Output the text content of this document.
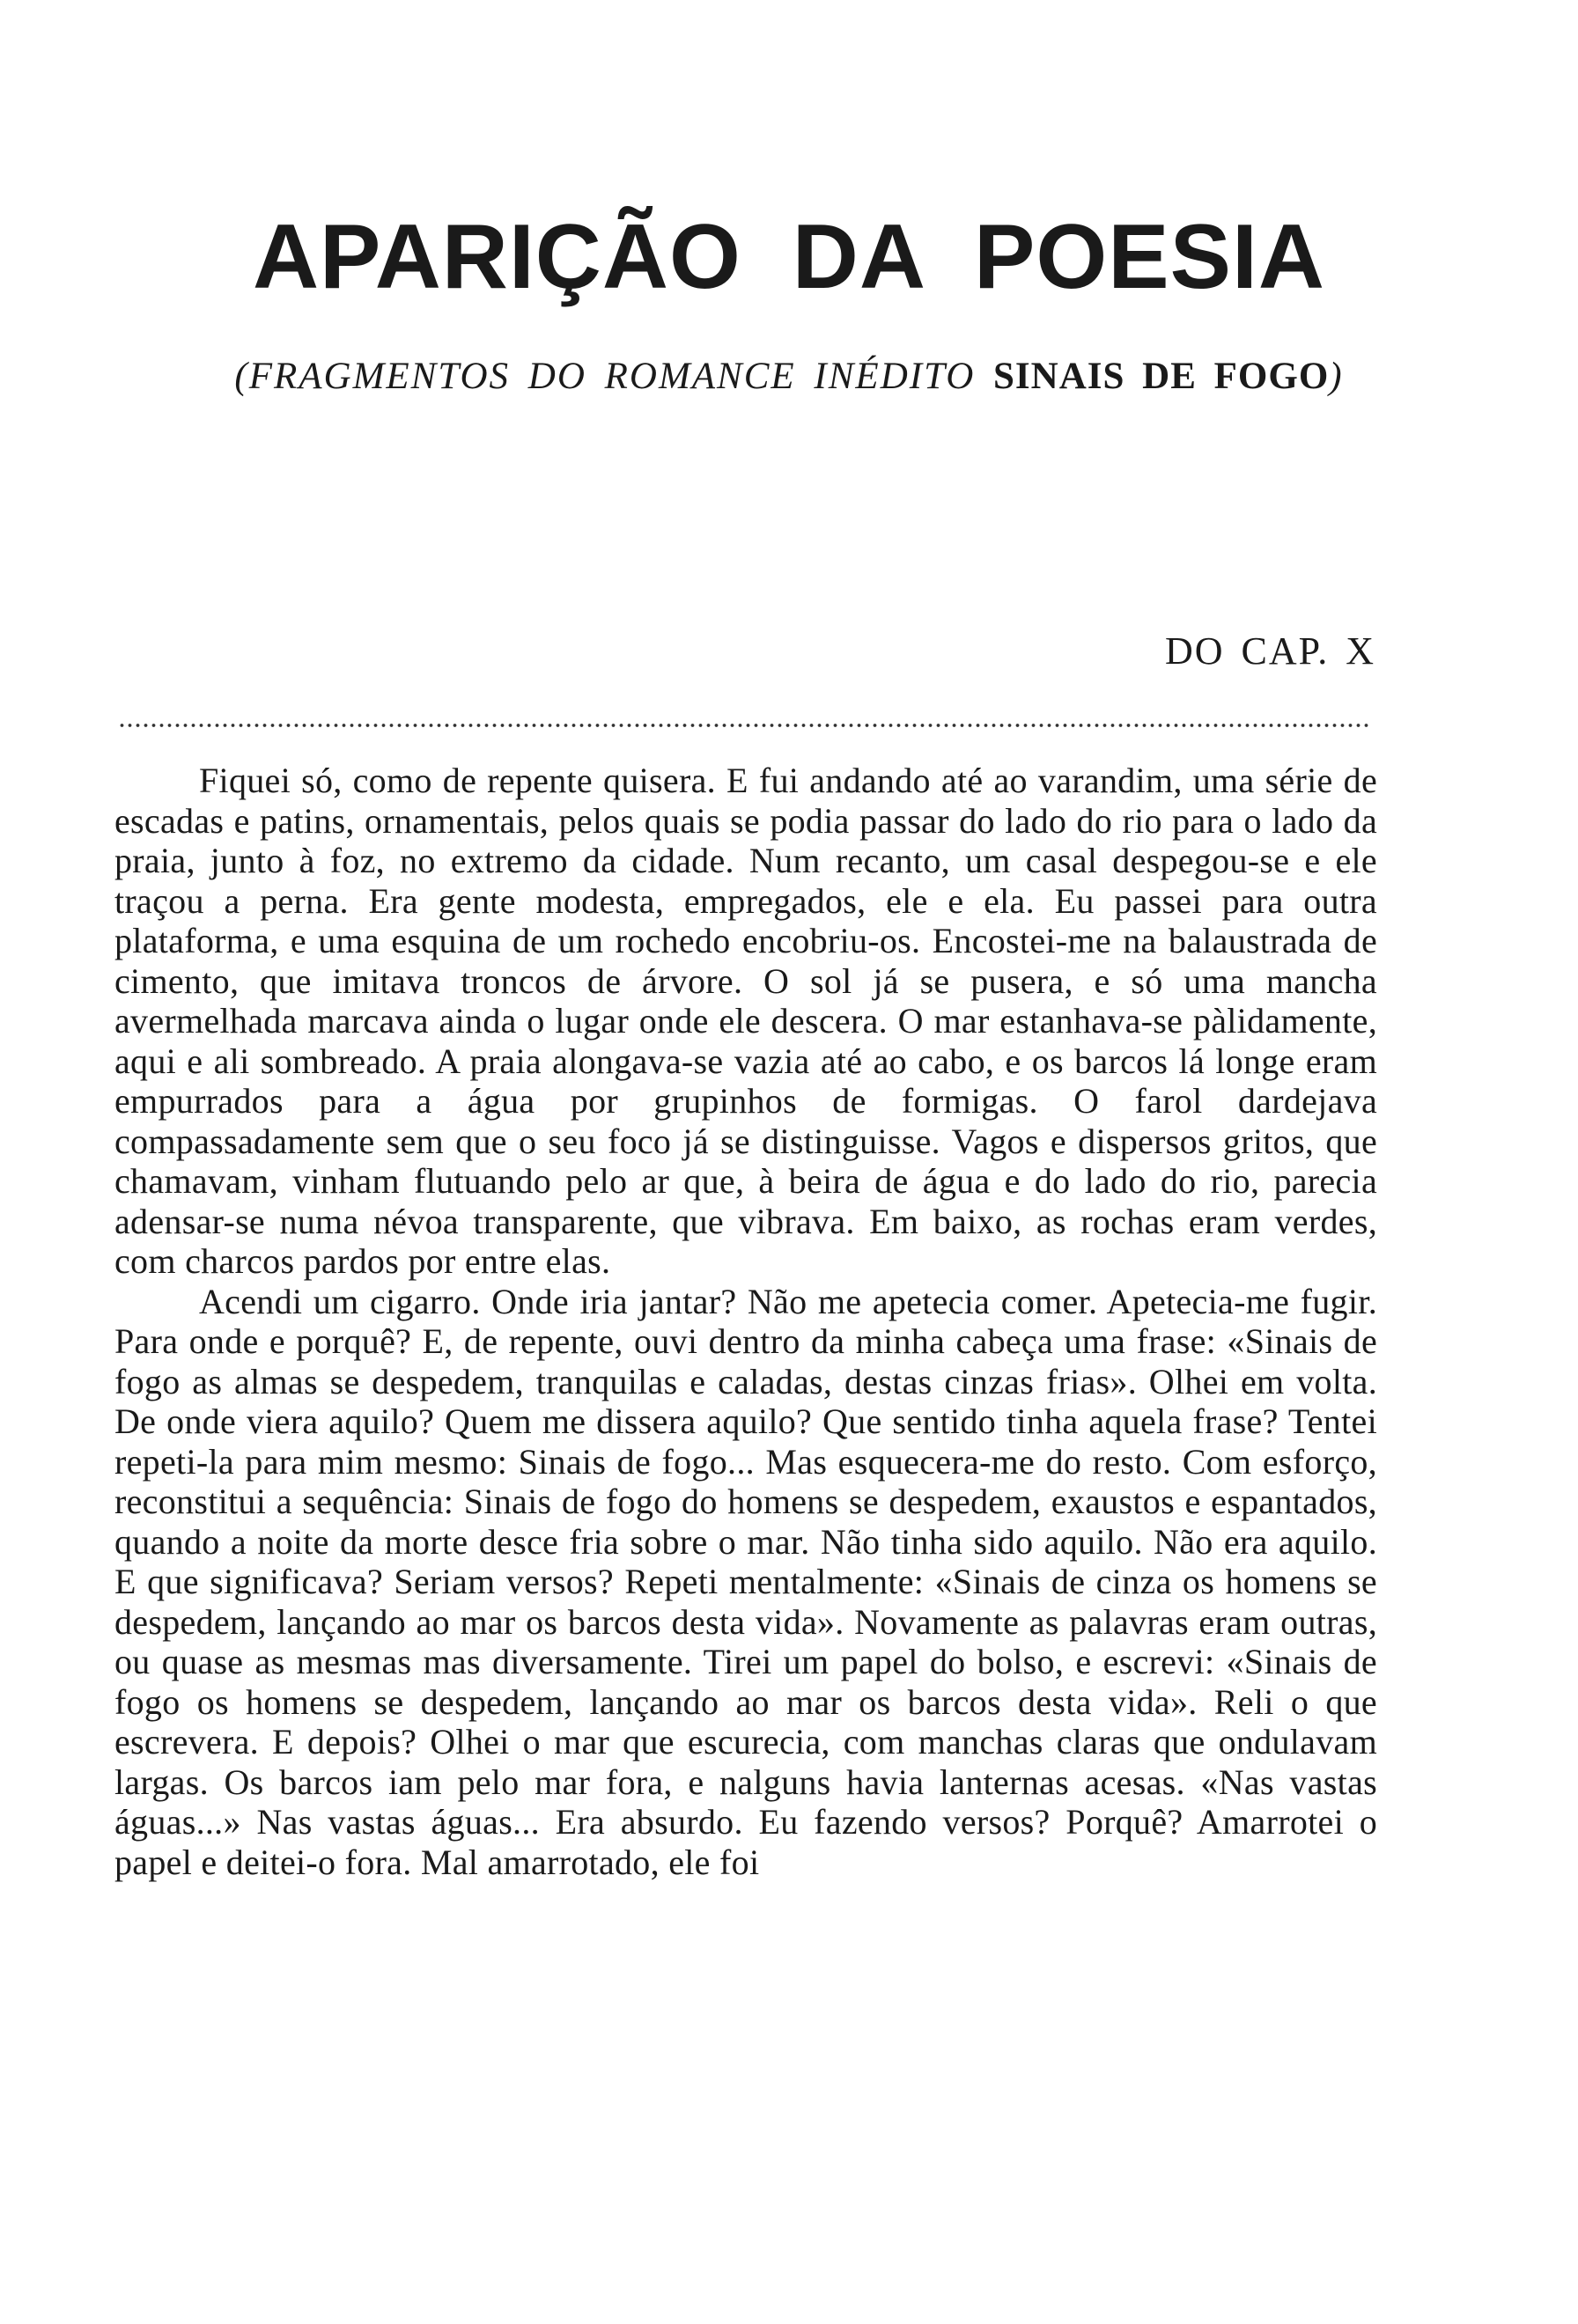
APARIÇÃO DA POESIA
(FRAGMENTOS DO ROMANCE INÉDITO SINAIS DE FOGO)
DO CAP. X

Fiquei só, como de repente quisera. E fui andando até ao varandim, uma série de escadas e patins, ornamentais, pelos quais se podia passar do lado do rio para o lado da praia, junto à foz, no extremo da cidade. Num recanto, um casal despegou-se e ele traçou a perna. Era gente modesta, empregados, ele e ela. Eu passei para outra plataforma, e uma esquina de um rochedo encobriu-os. Encostei-me na balaustrada de cimento, que imitava troncos de árvore. O sol já se pusera, e só uma mancha avermelhada marcava ainda o lugar onde ele descera. O mar estanhava-se pàlidamente, aqui e ali sombreado. A praia alongava-se vazia até ao cabo, e os barcos lá longe eram empurrados para a água por grupinhos de formigas. O farol dardejava compassadamente sem que o seu foco já se distinguisse. Vagos e dispersos gritos, que chamavam, vinham flutuando pelo ar que, à beira de água e do lado do rio, parecia adensar-se numa névoa transparente, que vibrava. Em baixo, as rochas eram verdes, com charcos pardos por entre elas.

Acendi um cigarro. Onde iria jantar? Não me apetecia comer. Apetecia-me fugir. Para onde e porquê? E, de repente, ouvi dentro da minha cabeça uma frase: «Sinais de fogo as almas se despedem, tranquilas e caladas, destas cinzas frias». Olhei em volta. De onde viera aquilo? Quem me dissera aquilo? Que sentido tinha aquela frase? Tentei repeti-la para mim mesmo: Sinais de fogo... Mas esquecera-me do resto. Com esforço, reconstitui a sequência: Sinais de fogo do homens se despedem, exaustos e espantados, quando a noite da morte desce fria sobre o mar. Não tinha sido aquilo. Não era aquilo. E que significava? Seriam versos? Repeti mentalmente: «Sinais de cinza os homens se despedem, lançando ao mar os barcos desta vida». Novamente as palavras eram outras, ou quase as mesmas mas diversamente. Tirei um papel do bolso, e escrevi: «Sinais de fogo os homens se despedem, lançando ao mar os barcos desta vida». Reli o que escrevera. E depois? Olhei o mar que escurecia, com manchas claras que ondulavam largas. Os barcos iam pelo mar fora, e nalguns havia lanternas acesas. «Nas vastas águas...» Nas vastas águas... Era absurdo. Eu fazendo versos? Porquê? Amarrotei o papel e deitei-o fora. Mal amarrotado, ele foi
